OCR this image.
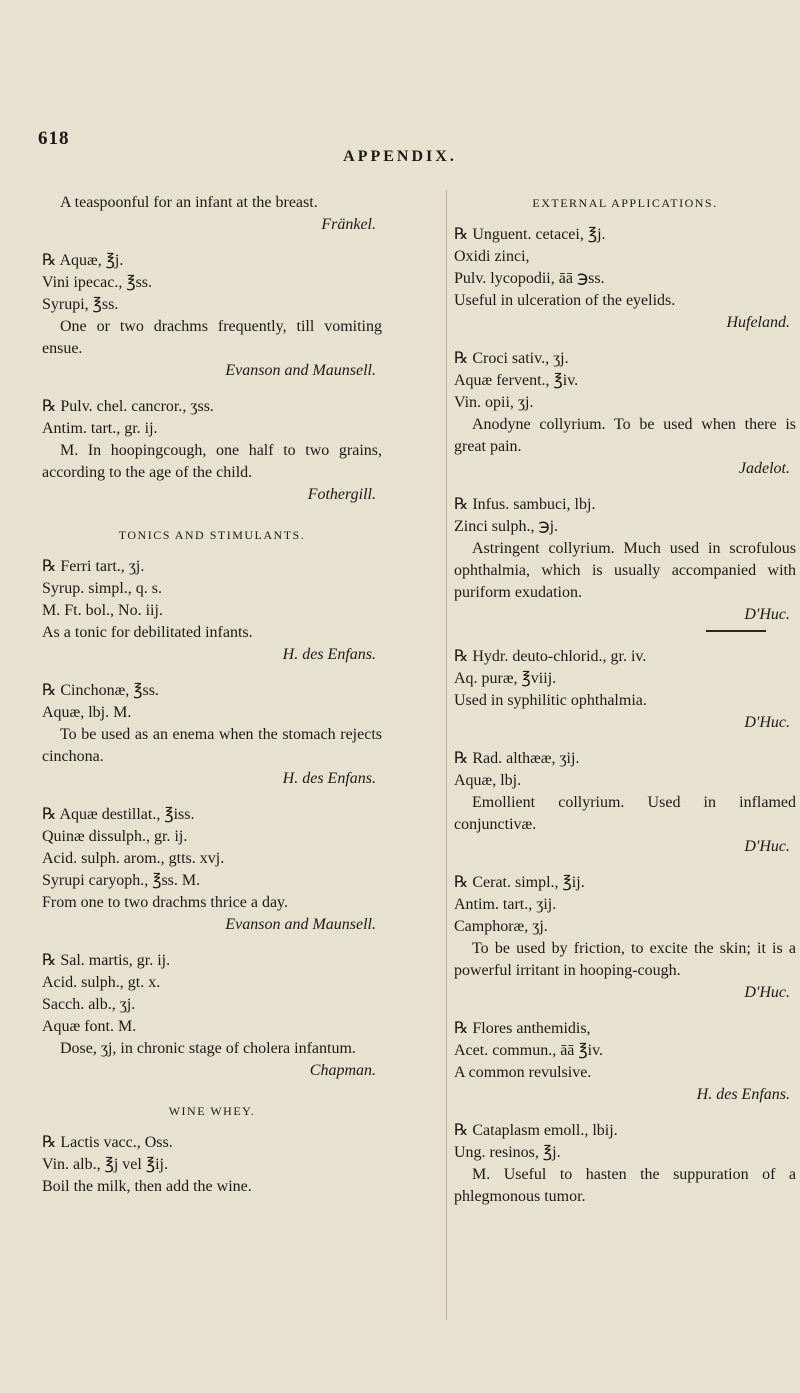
618
APPENDIX.

A teaspoonful for an infant at the breast.

Fränkel.

℞ Aquæ, ℥j.

Vini ipecac., ℥ss.

Syrupi, ℥ss.

One or two drachms frequently, till vomiting ensue.

Evanson and Maunsell.

℞ Pulv. chel. cancror., ʒss.

Antim. tart., gr. ij.

M. In hoopingcough, one half to two grains, according to the age of the child.

Fothergill.

TONICS AND STIMULANTS.

℞ Ferri tart., ʒj.

Syrup. simpl., q. s.

M. Ft. bol., No. iij.

As a tonic for debilitated infants.

H. des Enfans.

℞ Cinchonæ, ℥ss.

Aquæ, lbj. M.

To be used as an enema when the stomach rejects cinchona.

H. des Enfans.

℞ Aquæ destillat., ℥iss.

Quinæ dissulph., gr. ij.

Acid. sulph. arom., gtts. xvj.

Syrupi caryoph., ℥ss. M.

From one to two drachms thrice a day.

Evanson and Maunsell.

℞ Sal. martis, gr. ij.

Acid. sulph., gt. x.

Sacch. alb., ʒj.

Aquæ font. M.

Dose, ʒj, in chronic stage of cholera infantum.

Chapman.

WINE WHEY.

℞ Lactis vacc., Oss.

Vin. alb., ℥j vel ℥ij.

Boil the milk, then add the wine.

EXTERNAL APPLICATIONS.

℞ Unguent. cetacei, ℥j.

Oxidi zinci,

Pulv. lycopodii, āā ℈ss.

Useful in ulceration of the eyelids.

Hufeland.

℞ Croci sativ., ʒj.

Aquæ fervent., ℥iv.

Vin. opii, ʒj.

Anodyne collyrium. To be used when there is great pain.

Jadelot.

℞ Infus. sambuci, lbj.

Zinci sulph., ℈j.

Astringent collyrium. Much used in scrofulous ophthalmia, which is usually accompanied with puriform exudation.

D'Huc.

℞ Hydr. deuto-chlorid., gr. iv.

Aq. puræ, ℥viij.

Used in syphilitic ophthalmia.

D'Huc.

℞ Rad. althææ, ʒij.

Aquæ, lbj.

Emollient collyrium. Used in inflamed conjunctivæ.

D'Huc.

℞ Cerat. simpl., ℥ij.

Antim. tart., ʒij.

Camphoræ, ʒj.

To be used by friction, to excite the skin; it is a powerful irritant in hooping-cough.

D'Huc.

℞ Flores anthemidis,

Acet. commun., āā ℥iv.

A common revulsive.

H. des Enfans.

℞ Cataplasm emoll., lbij.

Ung. resinos, ℥j.

M. Useful to hasten the suppuration of a phlegmonous tumor.
